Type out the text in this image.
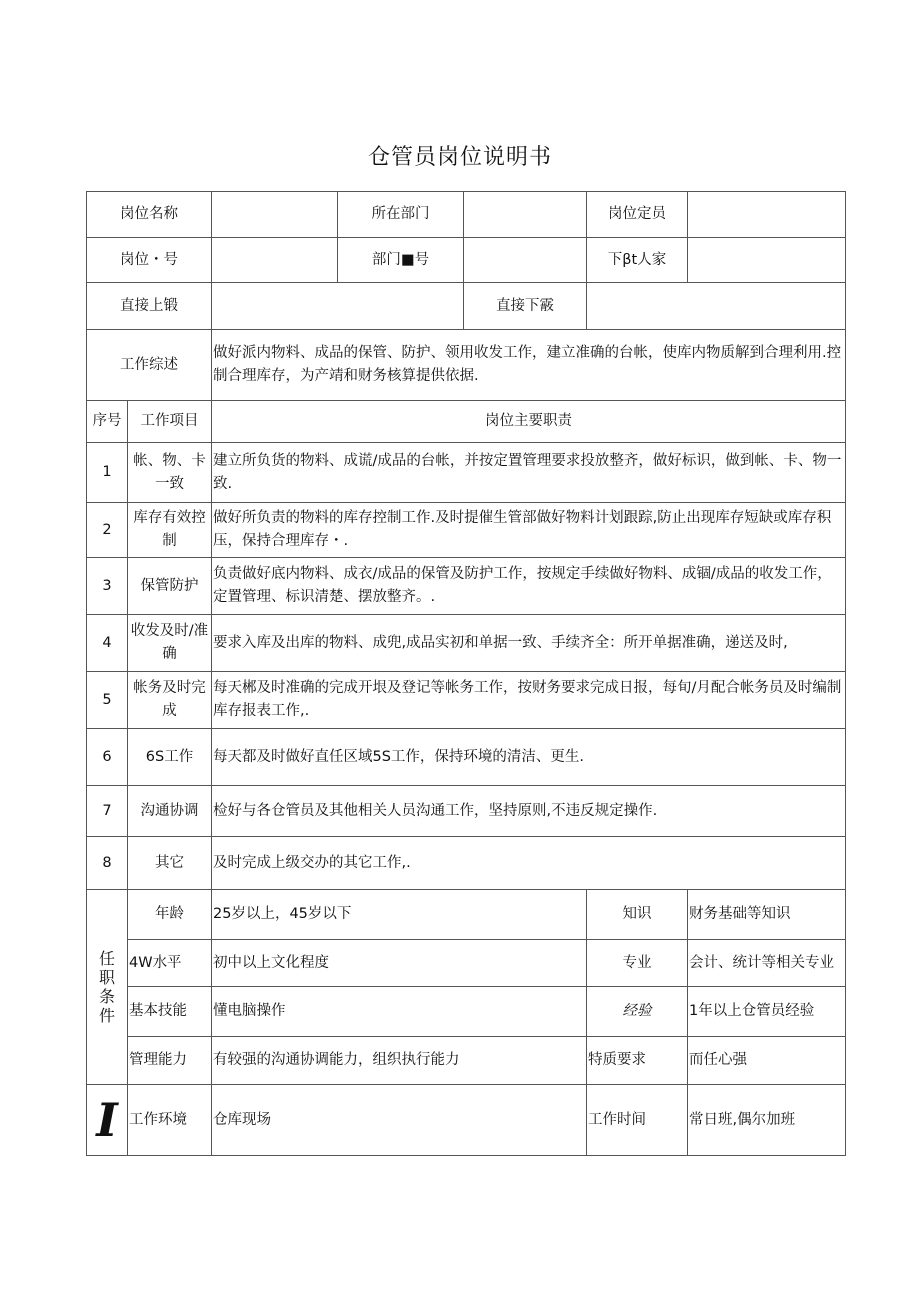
仓管员岗位说明书
岗位名称			所在部门		岗位定员	
岗位・号			部门■号		下βt人家	
直接上锻				直接下霰		
工作综述		做好派内物料、成品的保管、防护、领用收发工作，建立准确的台帐，使库内物质解到合理利用.控制合理库存，为产靖和财务核算提供依据.				
序号	工作项目	岗位主要职责				
1	帐、物、卡一致	建立所负货的物料、成谎/成品的台帐，并按定置管理要求投放整齐，做好标识，做到帐、卡、物一致.				
2	库存有效控制	做好所负责的物料的库存控制工作.及时提催生管部做好物料计划跟踪,防止出现库存短缺或库存积压，保持合理库存・.				
3	保管防护	负责做好底内物料、成衣/成品的保管及防护工作，按规定手续做好物料、成锢/成品的收发工作，定置管理、标识清楚、摆放整齐。.				
4	收发及时/准确	要求入库及出库的物料、成兜,成品实初和单据一致、手续齐全：所开单据准确，递送及时,				
5	帐务及时完成	每天郴及时准确的完成开垠及登记等帐务工作，按财务要求完成日报，每旬/月配合帐务员及时编制库存报表工作,.				
6	6S工作	每天都及时做好直任区域5S工作，保持环境的清洁、更生.				
7	沟通协调	检好与各仓管员及其他相关人员沟通工作，坚持原则,不违反规定操作.				
8	其它	及时完成上级交办的其它工作,.				

任
职
条
件	年龄	25岁以上，45岁以下			知识	财务基础等知识
	4W水平	初中以上文化程度			专业	会计、统计等相关专业
	基本技能	懂电脑操作			经验	1年以上仓管员经验
	管理能力	有较强的沟通协调能力，组织执行能力			特质要求	而任心强
I	工作环境	仓库现场			工作时间	常日班,偶尔加班
